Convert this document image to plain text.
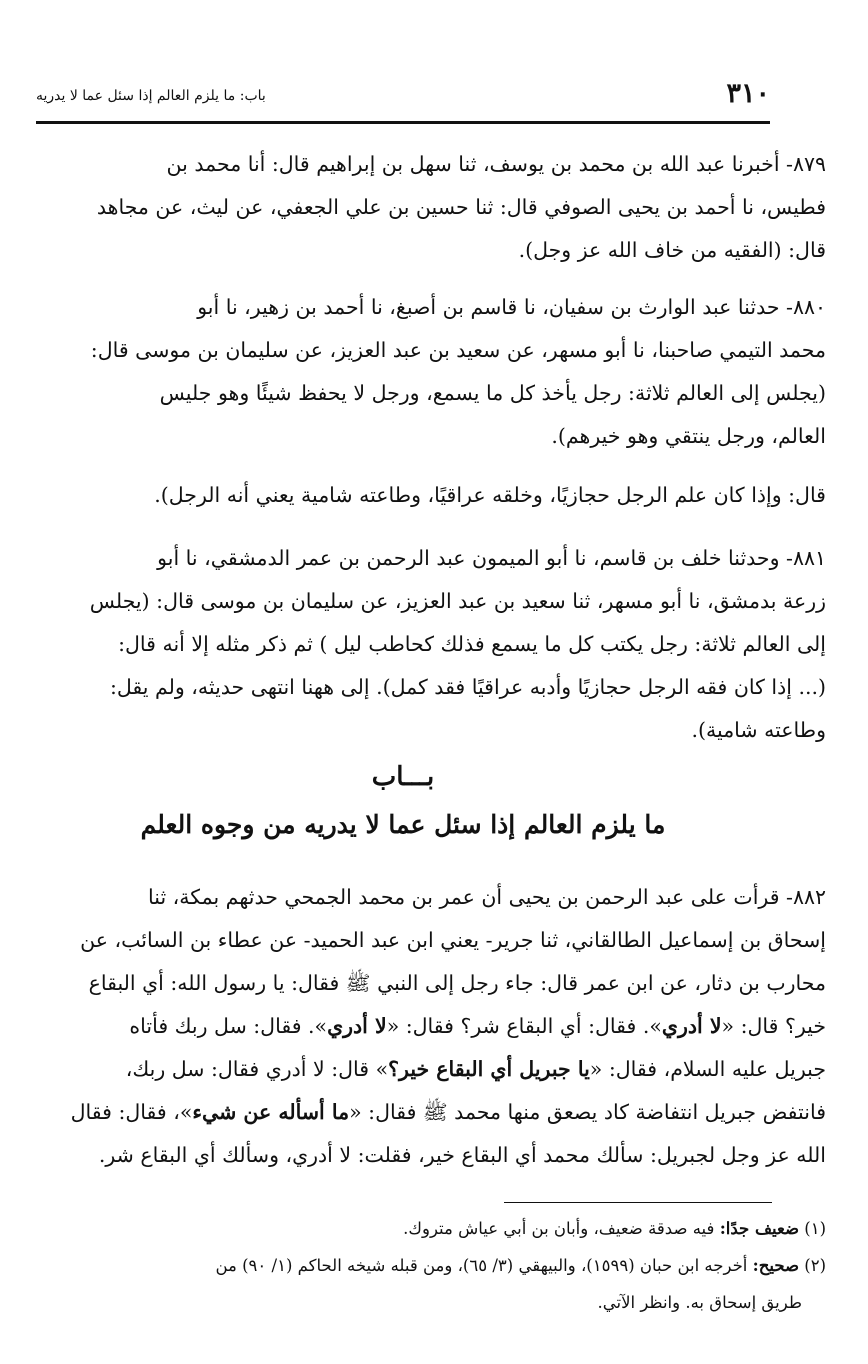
٣١٠
باب: ما يلزم العالم إذا سئل عما لا يدريه

٨٧٩- أخبرنا عبد الله بن محمد بن يوسف، ثنا سهل بن إبراهيم قال: أنا محمد بن
فطيس، نا أحمد بن يحيى الصوفي قال: ثنا حسين بن علي الجعفي، عن ليث، عن مجاهد
قال: (الفقيه من خاف الله عز وجل).

٨٨٠- حدثنا عبد الوارث بن سفيان، نا قاسم بن أصبغ، نا أحمد بن زهير، نا أبو
محمد التيمي صاحبنا، نا أبو مسهر، عن سعيد بن عبد العزيز، عن سليمان بن موسى قال:
(يجلس إلى العالم ثلاثة: رجل يأخذ كل ما يسمع، ورجل لا يحفظ شيئًا وهو جليس
العالم، ورجل ينتقي وهو خيرهم).

قال: وإذا كان علم الرجل حجازيًا، وخلقه عراقيًا، وطاعته شامية يعني أنه الرجل).

٨٨١- وحدثنا خلف بن قاسم، نا أبو الميمون عبد الرحمن بن عمر الدمشقي، نا أبو
زرعة بدمشق، نا أبو مسهر، ثنا سعيد بن عبد العزيز، عن سليمان بن موسى قال: (يجلس
إلى العالم ثلاثة: رجل يكتب كل ما يسمع فذلك كحاطب ليل ) ثم ذكر مثله إلا أنه قال:
(... إذا كان فقه الرجل حجازيًا وأدبه عراقيًا فقد كمل). إلى ههنا انتهى حديثه، ولم يقل:
وطاعته شامية).

بـــاب
ما يلزم العالم إذا سئل عما لا يدريه من وجوه العلم

٨٨٢- قرأت على عبد الرحمن بن يحيى أن عمر بن محمد الجمحي حدثهم بمكة، ثنا
إسحاق بن إسماعيل الطالقاني، ثنا جرير- يعني ابن عبد الحميد- عن عطاء بن السائب، عن
محارب بن دثار، عن ابن عمر قال: جاء رجل إلى النبي ﷺ فقال: يا رسول الله: أي البقاع
خير؟ قال: «لا أدري». فقال: أي البقاع شر؟ فقال: «لا أدري». فقال: سل ربك فأتاه
جبريل عليه السلام، فقال: «يا جبريل أي البقاع خير؟» قال: لا أدري فقال: سل ربك،
فانتفض جبريل انتفاضة كاد يصعق منها محمد ﷺ فقال: «ما أسأله عن شيء»، فقال: فقال
الله عز وجل لجبريل: سألك محمد أي البقاع خير، فقلت: لا أدري، وسألك أي البقاع شر.

(١) ضعيف جدًا: فيه صدقة ضعيف، وأبان بن أبي عياش متروك.
(٢) صحيح: أخرجه ابن حبان (١٥٩٩)، والبيهقي (٣/ ٦٥)، ومن قبله شيخه الحاكم (١/ ٩٠) من
طريق إسحاق به. وانظر الآتي.
